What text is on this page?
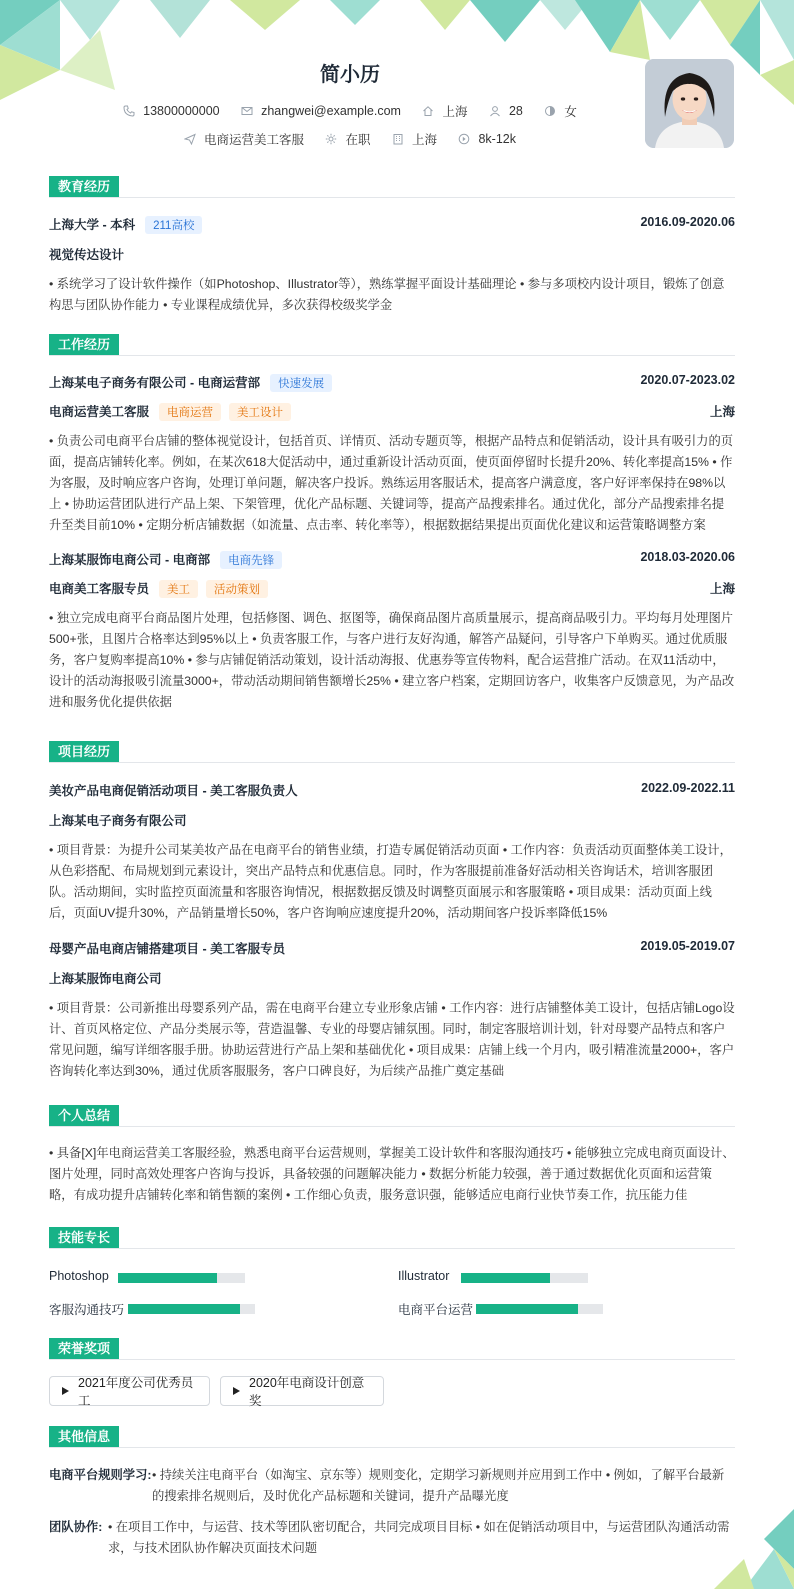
简小历
13800000000
	zhangwei@example.com
	上海
	28
	女
电商运营美工客服
	在职
	上海
	8k-12k
教育经历
上海大学 - 本科 211高校	2016.09-2020.06
视觉传达设计
• 系统学习了设计软件操作（如Photoshop、Illustrator等），熟练掌握平面设计基础理论 • 参与多项校内设计项目，锻炼了创意构思与团队协作能力 • 专业课程成绩优异，多次获得校级奖学金
工作经历
上海某电子商务有限公司 - 电商运营部 快速发展	2020.07-2023.02
电商运营美工客服 电商运营 美工设计	上海
• 负责公司电商平台店铺的整体视觉设计，包括首页、详情页、活动专题页等，根据产品特点和促销活动，设计具有吸引力的页面，提高店铺转化率。例如，在某次618大促活动中，通过重新设计活动页面，使页面停留时长提升20%、转化率提高15% • 作为客服，及时响应客户咨询，处理订单问题，解决客户投诉。熟练运用客服话术，提高客户满意度，客户好评率保持在98%以上 • 协助运营团队进行产品上架、下架管理，优化产品标题、关键词等，提高产品搜索排名。通过优化，部分产品搜索排名提升至类目前10% • 定期分析店铺数据（如流量、点击率、转化率等），根据数据结果提出页面优化建议和运营策略调整方案
上海某服饰电商公司 - 电商部 电商先锋	2018.03-2020.06
电商美工客服专员 美工 活动策划	上海
• 独立完成电商平台商品图片处理，包括修图、调色、抠图等，确保商品图片高质量展示，提高商品吸引力。平均每月处理图片500+张，且图片合格率达到95%以上 • 负责客服工作，与客户进行友好沟通，解答产品疑问，引导客户下单购买。通过优质服务，客户复购率提高10% • 参与店铺促销活动策划，设计活动海报、优惠券等宣传物料，配合运营推广活动。在双11活动中，设计的活动海报吸引流量3000+，带动活动期间销售额增长25% • 建立客户档案，定期回访客户，收集客户反馈意见，为产品改进和服务优化提供依据
项目经历
美妆产品电商促销活动项目 - 美工客服负责人	2022.09-2022.11
上海某电子商务有限公司
• 项目背景：为提升公司某美妆产品在电商平台的销售业绩，打造专属促销活动页面 • 工作内容：负责活动页面整体美工设计，从色彩搭配、布局规划到元素设计，突出产品特点和优惠信息。同时，作为客服提前准备好活动相关咨询话术，培训客服团队。活动期间，实时监控页面流量和客服咨询情况，根据数据反馈及时调整页面展示和客服策略 • 项目成果：活动页面上线后，页面UV提升30%，产品销量增长50%，客户咨询响应速度提升20%，活动期间客户投诉率降低15%
母婴产品电商店铺搭建项目 - 美工客服专员	2019.05-2019.07
上海某服饰电商公司
• 项目背景：公司新推出母婴系列产品，需在电商平台建立专业形象店铺 • 工作内容：进行店铺整体美工设计，包括店铺Logo设计、首页风格定位、产品分类展示等，营造温馨、专业的母婴店铺氛围。同时，制定客服培训计划，针对母婴产品特点和客户常见问题，编写详细客服手册。协助运营进行产品上架和基础优化 • 项目成果：店铺上线一个月内，吸引精准流量2000+，客户咨询转化率达到30%，通过优质客服服务，客户口碑良好，为后续产品推广奠定基础
个人总结
• 具备[X]年电商运营美工客服经验，熟悉电商平台运营规则，掌握美工设计软件和客服沟通技巧 • 能够独立完成电商页面设计、图片处理，同时高效处理客户咨询与投诉，具备较强的问题解决能力 • 数据分析能力较强，善于通过数据优化页面和运营策略，有成功提升店铺转化率和销售额的案例 • 工作细心负责，服务意识强，能够适应电商行业快节奏工作，抗压能力佳
技能专长
Photoshop	Illustrator
客服沟通技巧	电商平台运营
荣誉奖项
2021年度公司优秀员工
2020年电商设计创意奖
其他信息
电商平台规则学习: • 持续关注电商平台（如淘宝、京东等）规则变化，定期学习新规则并应用到工作中 • 例如，了解平台最新的搜索排名规则后，及时优化产品标题和关键词，提升产品曝光度
团队协作: • 在项目工作中，与运营、技术等团队密切配合，共同完成项目目标 • 如在促销活动项目中，与运营团队沟通活动需求，与技术团队协作解决页面技术问题
